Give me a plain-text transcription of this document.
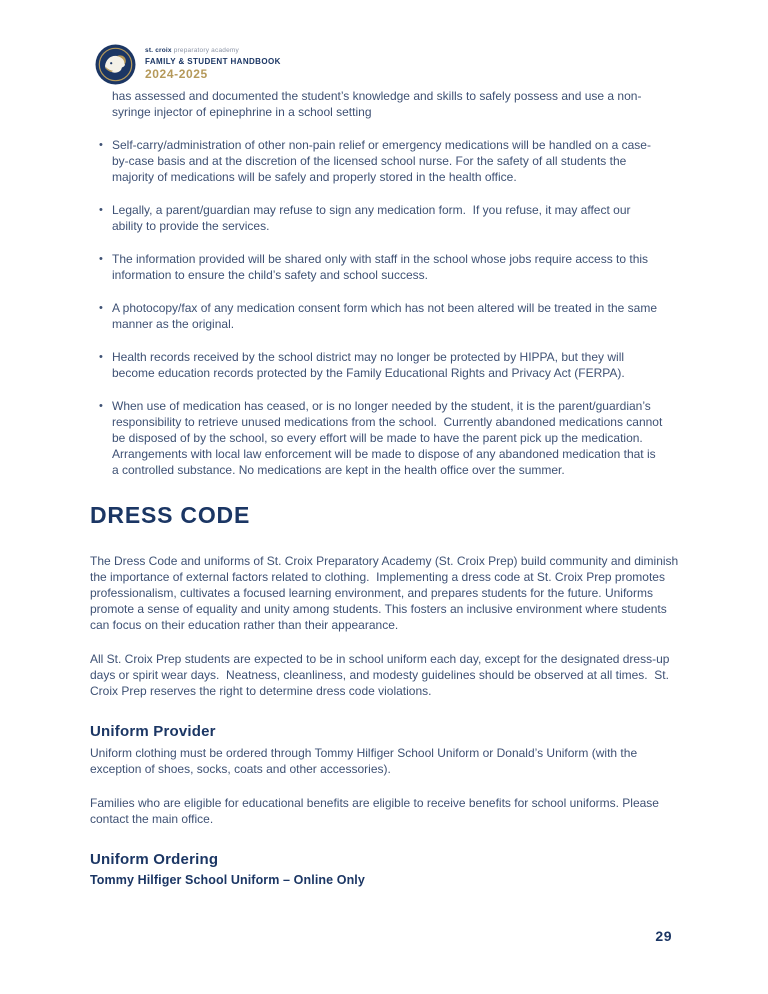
st. croix preparatory academy
FAMILY & STUDENT HANDBOOK
2024-2025

has assessed and documented the student’s knowledge and skills to safely possess and use a non-syringe injector of epinephrine in a school setting

• Self-carry/administration of other non-pain relief or emergency medications will be handled on a case-by-case basis and at the discretion of the licensed school nurse. For the safety of all students the majority of medications will be safely and properly stored in the health office.
• Legally, a parent/guardian may refuse to sign any medication form.  If you refuse, it may affect our ability to provide the services.
• The information provided will be shared only with staff in the school whose jobs require access to this information to ensure the child’s safety and school success.
• A photocopy/fax of any medication consent form which has not been altered will be treated in the same manner as the original.
• Health records received by the school district may no longer be protected by HIPPA, but they will become education records protected by the Family Educational Rights and Privacy Act (FERPA).
• When use of medication has ceased, or is no longer needed by the student, it is the parent/guardian’s responsibility to retrieve unused medications from the school.  Currently abandoned medications cannot be disposed of by the school, so every effort will be made to have the parent pick up the medication. Arrangements with local law enforcement will be made to dispose of any abandoned medication that is a controlled substance. No medications are kept in the health office over the summer.
DRESS CODE

The Dress Code and uniforms of St. Croix Preparatory Academy (St. Croix Prep) build community and diminish the importance of external factors related to clothing.  Implementing a dress code at St. Croix Prep promotes professionalism, cultivates a focused learning environment, and prepares students for the future. Uniforms promote a sense of equality and unity among students. This fosters an inclusive environment where students can focus on their education rather than their appearance.

All St. Croix Prep students are expected to be in school uniform each day, except for the designated dress-up days or spirit wear days.  Neatness, cleanliness, and modesty guidelines should be observed at all times.  St. Croix Prep reserves the right to determine dress code violations.

Uniform Provider

Uniform clothing must be ordered through Tommy Hilfiger School Uniform or Donald’s Uniform (with the exception of shoes, socks, coats and other accessories).

Families who are eligible for educational benefits are eligible to receive benefits for school uniforms. Please contact the main office.

Uniform Ordering

Tommy Hilfiger School Uniform – Online Only

29
